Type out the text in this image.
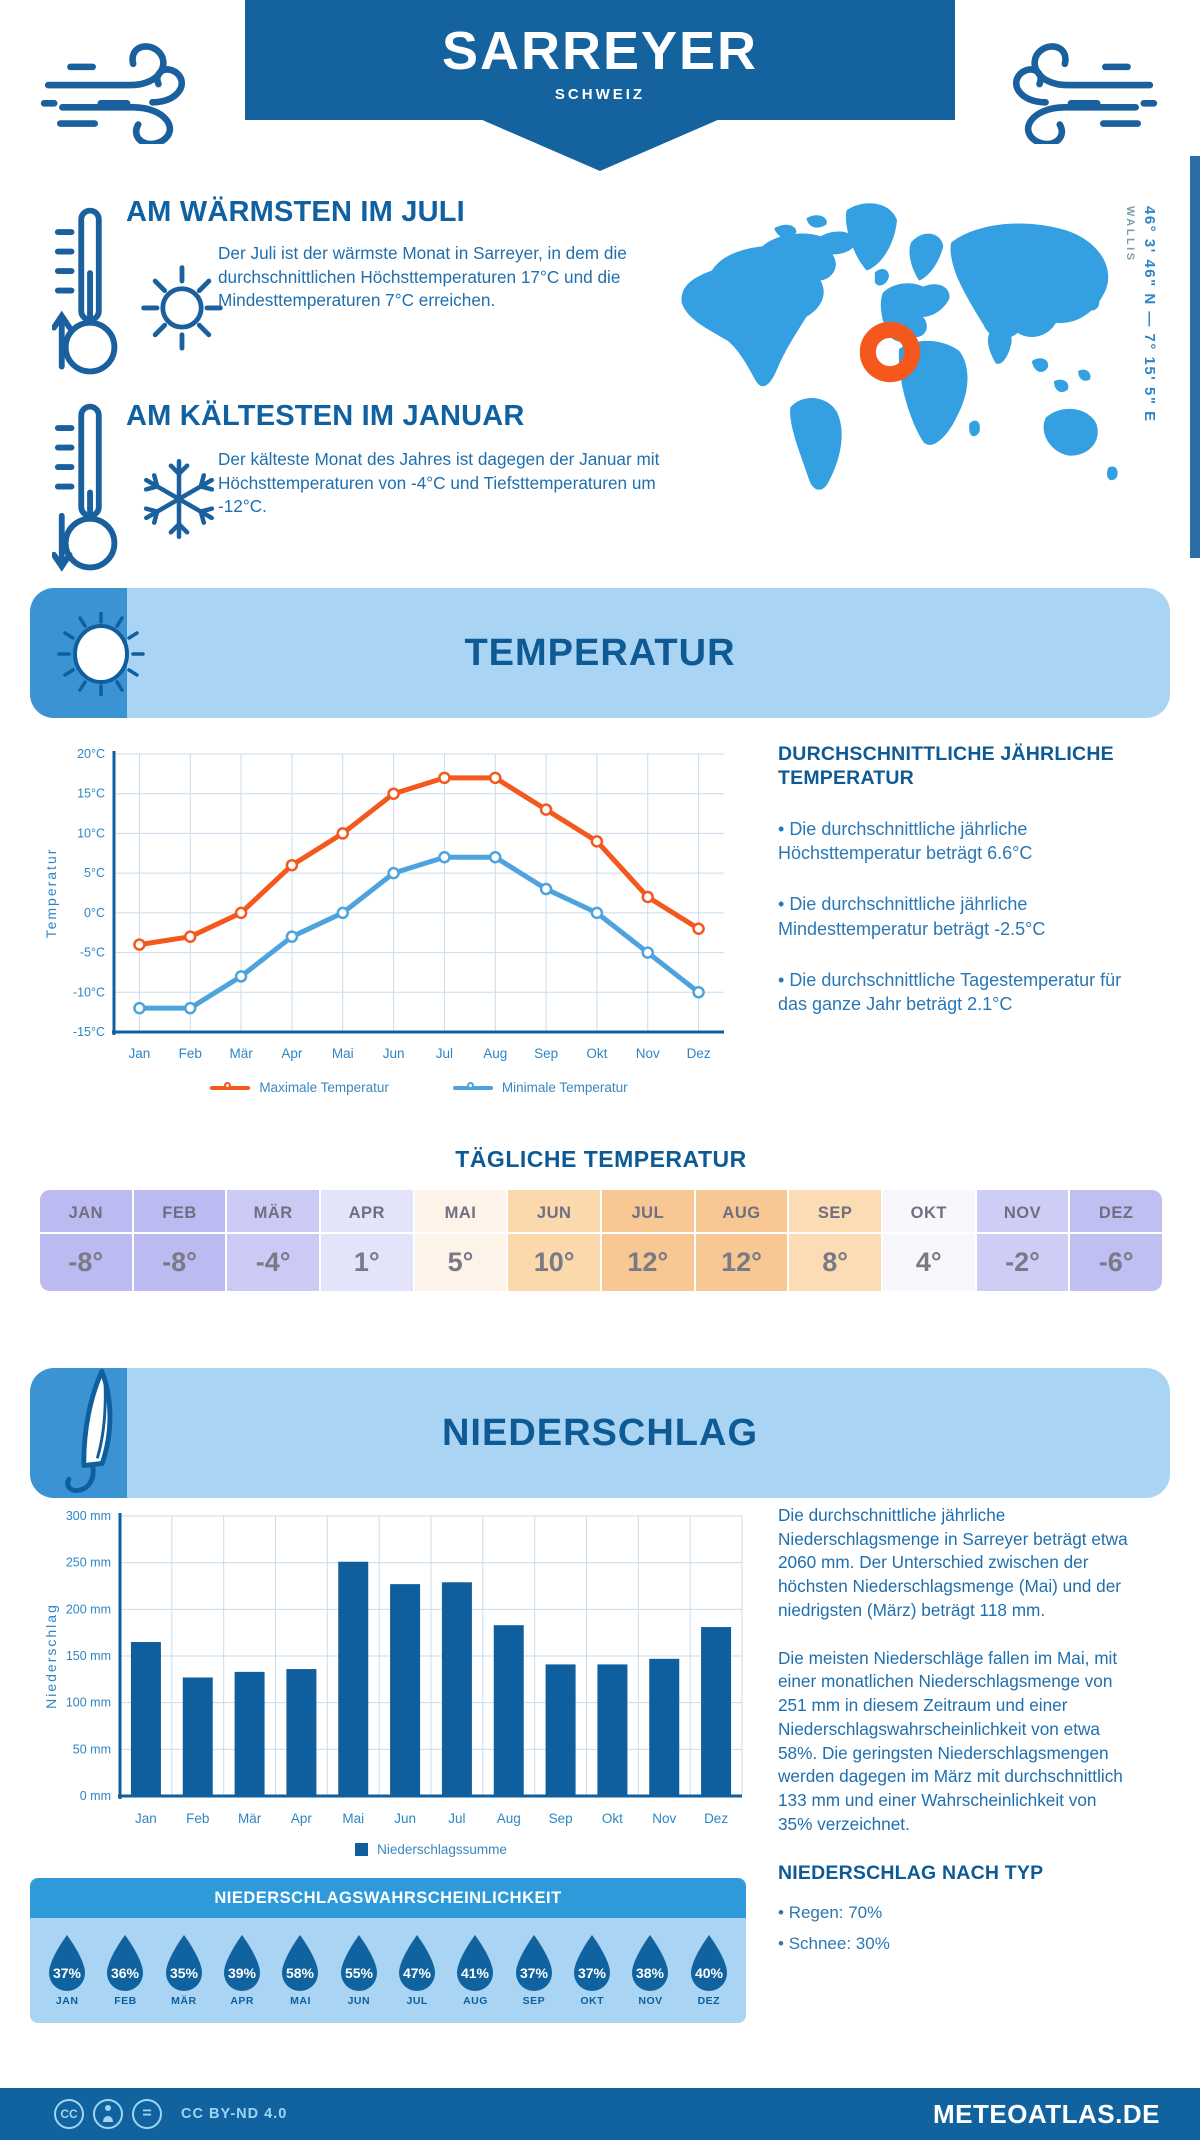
SARREYER
SCHWEIZ
AM WÄRMSTEN IM JULI
Der Juli ist der wärmste Monat in Sarreyer, in dem die durchschnittlichen Höchsttemperaturen 17°C und die Mindesttemperaturen 7°C erreichen.
AM KÄLTESTEN IM JANUAR
Der kälteste Monat des Jahres ist dagegen der Januar mit Höchsttemperaturen von -4°C und Tiefsttemperaturen um -12°C.
46° 3' 46" N — 7° 15' 5" E
WALLIS
TEMPERATUR
Jan Feb Mär Apr Mai Jun Jul Aug Sep Okt Nov Dez
-15°C
-10°C
-5°C
0°C
5°C
10°C
15°C
20°C
Temperatur
Maximale Temperatur	Minimale Temperatur
DURCHSCHNITTLICHE JÄHRLICHE TEMPERATUR
• Die durchschnittliche jährliche Höchsttemperatur beträgt 6.6°C
• Die durchschnittliche jährliche Mindesttemperatur beträgt -2.5°C
• Die durchschnittliche Tagestemperatur für das ganze Jahr beträgt 2.1°C
TÄGLICHE TEMPERATUR
JAN
-8°
FEB
-8°
MÄR
-4°
APR
1°
MAI
5°
JUN
10°
JUL
12°
AUG
12°
SEP
8°
OKT
4°
NOV
-2°
DEZ
-6°
NIEDERSCHLAG
0 mm
50 mm
100 mm
150 mm
200 mm
250 mm
300 mm
Jan Feb Mär Apr Mai Jun Jul Aug Sep Okt Nov Dez
Niederschlag
Niederschlagssumme
Die durchschnittliche jährliche Niederschlagsmenge in Sarreyer beträgt etwa 2060 mm. Der Unterschied zwischen der höchsten Niederschlagsmenge (Mai) und der niedrigsten (März) beträgt 118 mm.
Die meisten Niederschläge fallen im Mai, mit einer monatlichen Niederschlagsmenge von 251 mm in diesem Zeitraum und einer Niederschlagswahrscheinlichkeit von etwa 58%. Die geringsten Niederschlagsmengen werden dagegen im März mit durchschnittlich 133 mm und einer Wahrscheinlichkeit von 35% verzeichnet.
NIEDERSCHLAG NACH TYP
• Regen: 70%
• Schnee: 30%
NIEDERSCHLAGSWAHRSCHEINLICHKEIT
37%
JAN
36%
FEB
35%
MÄR
39%
APR
58%
MAI
55%
JUN
47%
JUL
41%
AUG
37%
SEP
37%
OKT
38%
NOV
40%
DEZ
CC	=	CC BY-ND 4.0	METEOATLAS.DE
